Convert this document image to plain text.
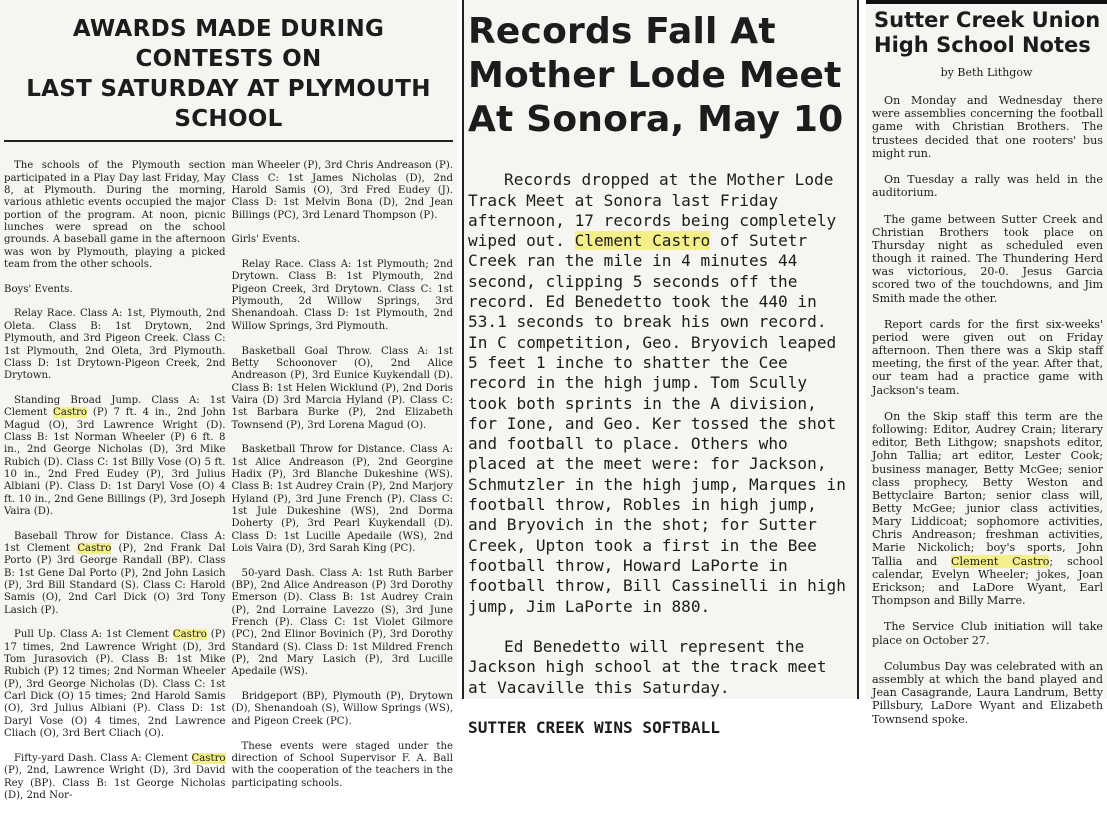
AWARDS MADE DURING CONTESTS ON
LAST SATURDAY AT PLYMOUTH SCHOOL

The schools of the Plymouth section participated in a Play Day last Friday, May 8, at Plymouth. During the morning, various athletic events occupied the major portion of the program. At noon, picnic lunches were spread on the school grounds. A baseball game in the afternoon was won by Plymouth, playing a picked team from the other schools.

Boys' Events.

Relay Race. Class A: 1st, Plymouth, 2nd Oleta. Class B: 1st Drytown, 2nd Plymouth, and 3rd Pigeon Creek. Class C: 1st Plymouth, 2nd Oleta, 3rd Plymouth. Class D: 1st Drytown-Pigeon Creek, 2nd Drytown.

Standing Broad Jump. Class A: 1st Clement Castro (P) 7 ft. 4 in., 2nd John Magud (O), 3rd Lawrence Wright (D). Class B: 1st Norman Wheeler (P) 6 ft. 8 in., 2nd George Nicholas (D), 3rd Mike Rubich (D). Class C: 1st Billy Vose (O) 5 ft. 10 in., 2nd Fred Eudey (P), 3rd Julius Albiani (P). Class D: 1st Daryl Vose (O) 4 ft. 10 in., 2nd Gene Billings (P), 3rd Joseph Vaira (D).

Baseball Throw for Distance. Class A: 1st Clement Castro (P), 2nd Frank Dal Porto (P) 3rd George Randall (BP). Class B: 1st Gene Dal Porto (P), 2nd John Lasich (P), 3rd Bill Standard (S). Class C: Harold Samis (O), 2nd Carl Dick (O) 3rd Tony Lasich (P).

Pull Up. Class A: 1st Clement Castro (P) 17 times, 2nd Lawrence Wright (D), 3rd Tom Jurasovich (P). Class B: 1st Mike Rubich (P) 12 times; 2nd Norman Wheeler (P), 3rd George Nicholas (D). Class C: 1st Carl Dick (O) 15 times; 2nd Harold Samis (O), 3rd Julius Albiani (P). Class D: 1st Daryl Vose (O) 4 times, 2nd Lawrence Cliach (O), 3rd Bert Cliach (O).

Fifty-yard Dash. Class A: Clement Castro (P), 2nd, Lawrence Wright (D), 3rd David Rey (BP). Class B: 1st George Nicholas (D), 2nd Nor-

man Wheeler (P), 3rd Chris Andreason (P). Class C: 1st James Nicholas (D), 2nd Harold Samis (O), 3rd Fred Eudey (J). Class D: 1st Melvin Bona (D), 2nd Jean Billings (PC), 3rd Lenard Thompson (P).

Girls' Events.

Relay Race. Class A: 1st Plymouth; 2nd Drytown. Class B: 1st Plymouth, 2nd Pigeon Creek, 3rd Drytown. Class C: 1st Plymouth, 2d Willow Springs, 3rd Shenandoah. Class D: 1st Plymouth, 2nd Willow Springs, 3rd Plymouth.

Basketball Goal Throw. Class A: 1st Betty Schoonover (O), 2nd Alice Andreason (P), 3rd Eunice Kuykendall (D). Class B: 1st Helen Wicklund (P), 2nd Doris Vaira (D) 3rd Marcia Hyland (P). Class C: 1st Barbara Burke (P), 2nd Elizabeth Townsend (P), 3rd Lorena Magud (O).

Basketball Throw for Distance. Class A: 1st Alice Andreason (P), 2nd Georgine Hadix (P), 3rd Blanche Dukeshine (WS). Class B: 1st Audrey Crain (P), 2nd Marjory Hyland (P), 3rd June French (P). Class C: 1st Jule Dukeshine (WS), 2nd Dorma Doherty (P), 3rd Pearl Kuykendall (D). Class D: 1st Lucille Apedaile (WS), 2nd Lois Vaira (D), 3rd Sarah King (PC).

50-yard Dash. Class A: 1st Ruth Barber (BP), 2nd Alice Andreason (P) 3rd Dorothy Emerson (D). Class B: 1st Audrey Crain (P), 2nd Lorraine Lavezzo (S), 3rd June French (P). Class C: 1st Violet Gilmore (PC), 2nd Elinor Bovinich (P), 3rd Dorothy Standard (S). Class D: 1st Mildred French (P), 2nd Mary Lasich (P), 3rd Lucille Apedaile (WS).

Bridgeport (BP), Plymouth (P), Drytown (D), Shenandoah (S), Willow Springs (WS), and Pigeon Creek (PC).

These events were staged under the direction of School Supervisor F. A. Ball with the cooperation of the teachers in the participating schools.

Records Fall At
Mother Lode Meet
At Sonora, May 10

Records dropped at the Mother Lode Track Meet at Sonora last Friday afternoon, 17 records being completely wiped out. Clement Castro of Sutetr Creek ran the mile in 4 minutes 44 second, clipping 5 seconds off the record. Ed Benedetto took the 440 in 53.1 seconds to break his own record. In C competition, Geo. Bryovich leaped 5 feet 1 inche to shatter the Cee record in the high jump. Tom Scully took both sprints in the A division, for Ione, and Geo. Ker tossed the shot and football to place. Others who placed at the meet were: for Jackson, Schmutzler in the high jump, Marques in football throw, Robles in high jump, and Bryovich in the shot; for Sutter Creek, Upton took a first in the Bee football throw, Howard LaPorte in football throw, Bill Cassinelli in high jump, Jim LaPorte in 880.

Ed Benedetto will represent the Jackson high school at the track meet at Vacaville this Saturday.

SUTTER CREEK WINS SOFTBALL

Sutter Creek Union
High School Notes
by Beth Lithgow

On Monday and Wednesday there were assemblies concerning the football game with Christian Brothers. The trustees decided that one rooters' bus might run.

On Tuesday a rally was held in the auditorium.

The game between Sutter Creek and Christian Brothers took place on Thursday night as scheduled even though it rained. The Thundering Herd was victorious, 20-0. Jesus Garcia scored two of the touchdowns, and Jim Smith made the other.

Report cards for the first six-weeks' period were given out on Friday afternoon. Then there was a Skip staff meeting, the first of the year. After that, our team had a practice game with Jackson's team.

On the Skip staff this term are the following: Editor, Audrey Crain; literary editor, Beth Lithgow; snapshots editor, John Tallia; art editor, Lester Cook; business manager, Betty McGee; senior class prophecy, Betty Weston and Bettyclaire Barton; senior class will, Betty McGee; junior class activities, Mary Liddicoat; sophomore activities, Chris Andreason; freshman activities, Marie Nickolich; boy's sports, John Tallia and Clement Castro; school calendar, Evelyn Wheeler; jokes, Joan Erickson; and LaDore Wyant, Earl Thompson and Billy Marre.

The Service Club initiation will take place on October 27.

Columbus Day was celebrated with an assembly at which the band played and Jean Casagrande, Laura Landrum, Betty Pillsbury, LaDore Wyant and Elizabeth Townsend spoke.
